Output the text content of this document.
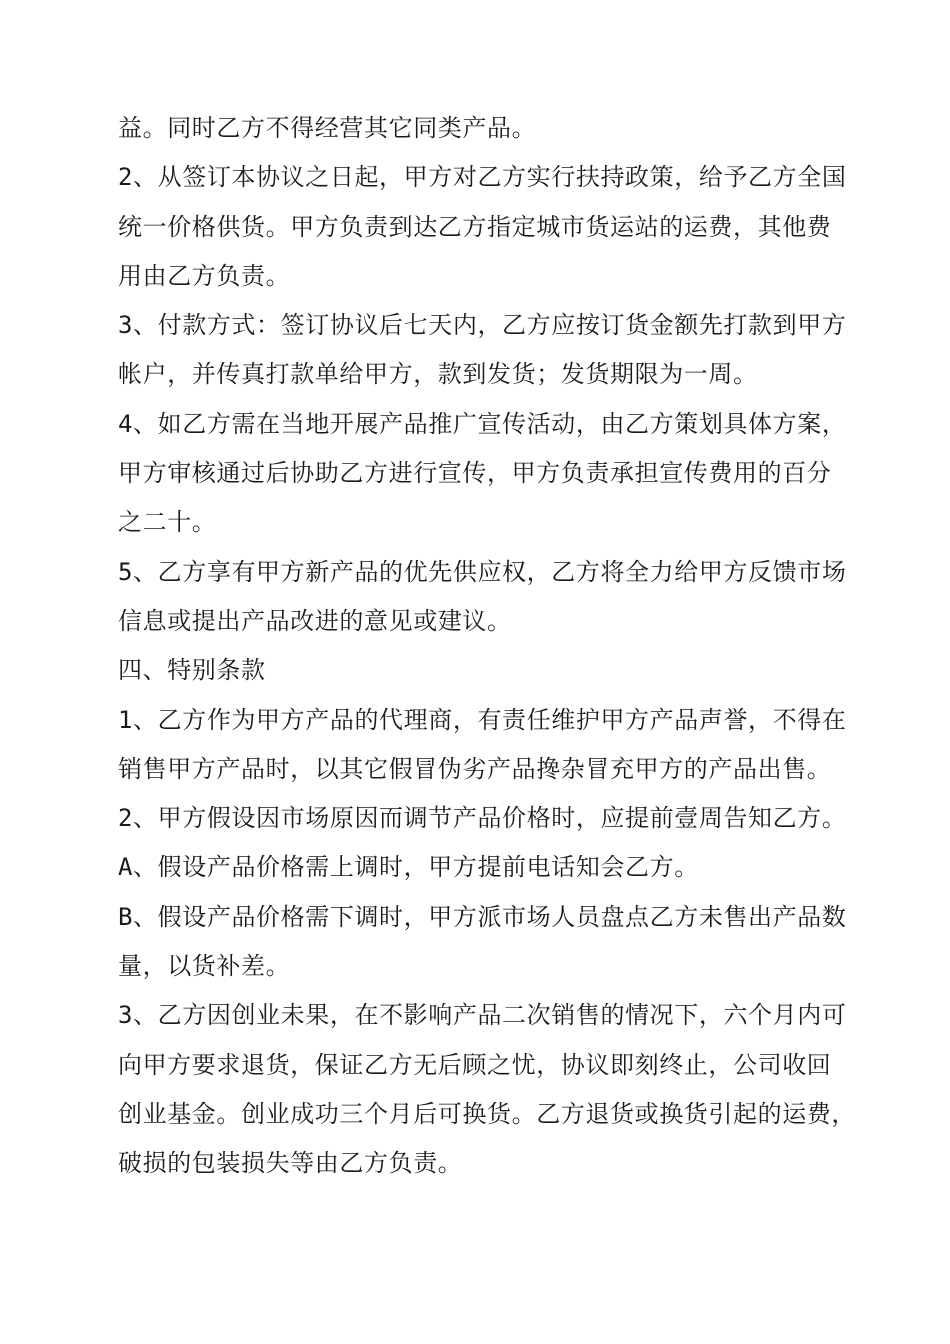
益。同时乙方不得经营其它同类产品。
2、从签订本协议之日起，甲方对乙方实行扶持政策，给予乙方全国
统一价格供货。甲方负责到达乙方指定城市货运站的运费，其他费
用由乙方负责。
3、付款方式：签订协议后七天内，乙方应按订货金额先打款到甲方
帐户，并传真打款单给甲方，款到发货；发货期限为一周。
4、如乙方需在当地开展产品推广宣传活动，由乙方策划具体方案，
甲方审核通过后协助乙方进行宣传，甲方负责承担宣传费用的百分
之二十。
5、乙方享有甲方新产品的优先供应权，乙方将全力给甲方反馈市场
信息或提出产品改进的意见或建议。
四、特别条款
1、乙方作为甲方产品的代理商，有责任维护甲方产品声誉，不得在
销售甲方产品时，以其它假冒伪劣产品搀杂冒充甲方的产品出售。
2、甲方假设因市场原因而调节产品价格时，应提前壹周告知乙方。
A、假设产品价格需上调时，甲方提前电话知会乙方。
B、假设产品价格需下调时，甲方派市场人员盘点乙方未售出产品数
量，以货补差。
3、乙方因创业未果，在不影响产品二次销售的情况下，六个月内可
向甲方要求退货，保证乙方无后顾之忧，协议即刻终止，公司收回
创业基金。创业成功三个月后可换货。乙方退货或换货引起的运费，
破损的包装损失等由乙方负责。
